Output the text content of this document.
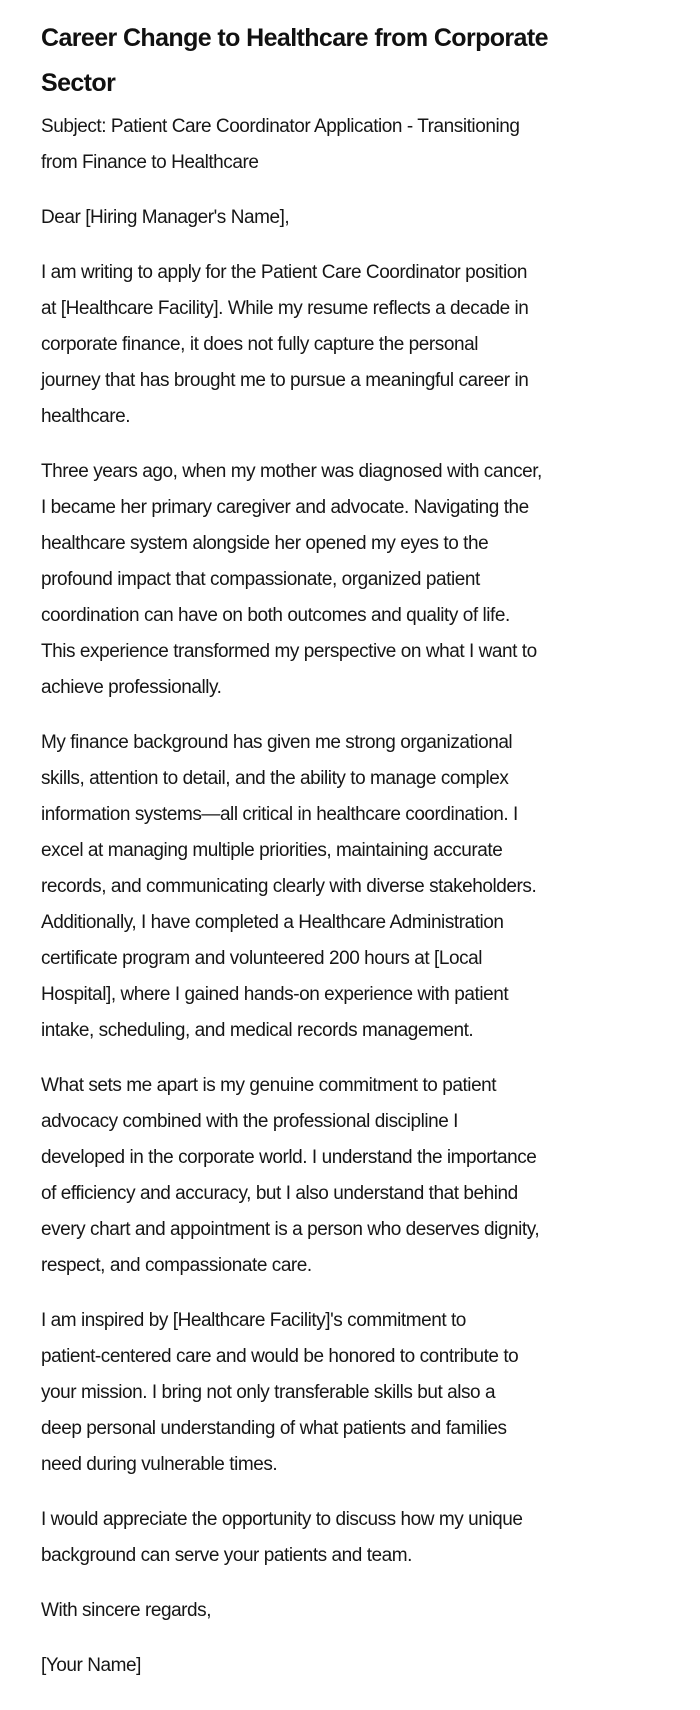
Career Change to Healthcare from Corporate
Sector

Subject: Patient Care Coordinator Application - Transitioning
from Finance to Healthcare

Dear [Hiring Manager's Name],

I am writing to apply for the Patient Care Coordinator position
at [Healthcare Facility]. While my resume reflects a decade in
corporate finance, it does not fully capture the personal
journey that has brought me to pursue a meaningful career in
healthcare.

Three years ago, when my mother was diagnosed with cancer,
I became her primary caregiver and advocate. Navigating the
healthcare system alongside her opened my eyes to the
profound impact that compassionate, organized patient
coordination can have on both outcomes and quality of life.
This experience transformed my perspective on what I want to
achieve professionally.

My finance background has given me strong organizational
skills, attention to detail, and the ability to manage complex
information systems—all critical in healthcare coordination. I
excel at managing multiple priorities, maintaining accurate
records, and communicating clearly with diverse stakeholders.
Additionally, I have completed a Healthcare Administration
certificate program and volunteered 200 hours at [Local
Hospital], where I gained hands-on experience with patient
intake, scheduling, and medical records management.

What sets me apart is my genuine commitment to patient
advocacy combined with the professional discipline I
developed in the corporate world. I understand the importance
of efficiency and accuracy, but I also understand that behind
every chart and appointment is a person who deserves dignity,
respect, and compassionate care.

I am inspired by [Healthcare Facility]'s commitment to
patient-centered care and would be honored to contribute to
your mission. I bring not only transferable skills but also a
deep personal understanding of what patients and families
need during vulnerable times.

I would appreciate the opportunity to discuss how my unique
background can serve your patients and team.

With sincere regards,

[Your Name]
